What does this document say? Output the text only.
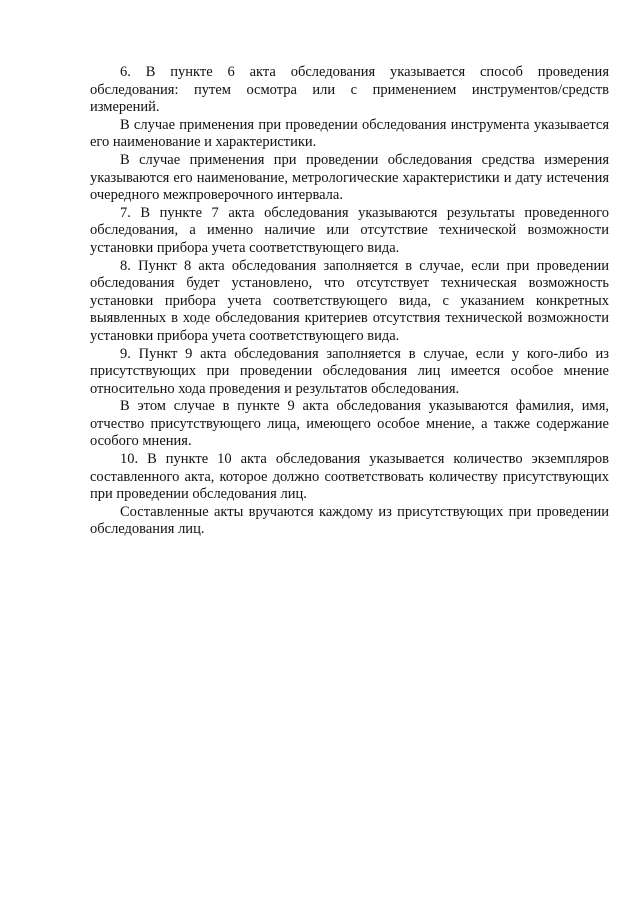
6. В пункте 6 акта обследования указывается способ проведения обследования: путем осмотра или с применением инструментов/средств измерений.

В случае применения при проведении обследования инструмента указывается его наименование и характеристики.

В случае применения при проведении обследования средства измерения указываются его наименование, метрологические характеристики и дату истечения очередного межпроверочного интервала.

7. В пункте 7 акта обследования указываются результаты проведенного обследования, а именно наличие или отсутствие технической возможности установки прибора учета соответствующего вида.

8. Пункт 8 акта обследования заполняется в случае, если при проведении обследования будет установлено, что отсутствует техническая возможность установки прибора учета соответствующего вида, с указанием конкретных выявленных в ходе обследования критериев отсутствия технической возможности установки прибора учета соответствующего вида.

9. Пункт 9 акта обследования заполняется в случае, если у кого-либо из присутствующих при проведении обследования лиц имеется особое мнение относительно хода проведения и результатов обследования.

В этом случае в пункте 9 акта обследования указываются фамилия, имя, отчество присутствующего лица, имеющего особое мнение, а также содержание особого мнения.

10. В пункте 10 акта обследования указывается количество экземпляров составленного акта, которое должно соответствовать количеству присутствующих при проведении обследования лиц.

Составленные акты вручаются каждому из присутствующих при проведении обследования лиц.
